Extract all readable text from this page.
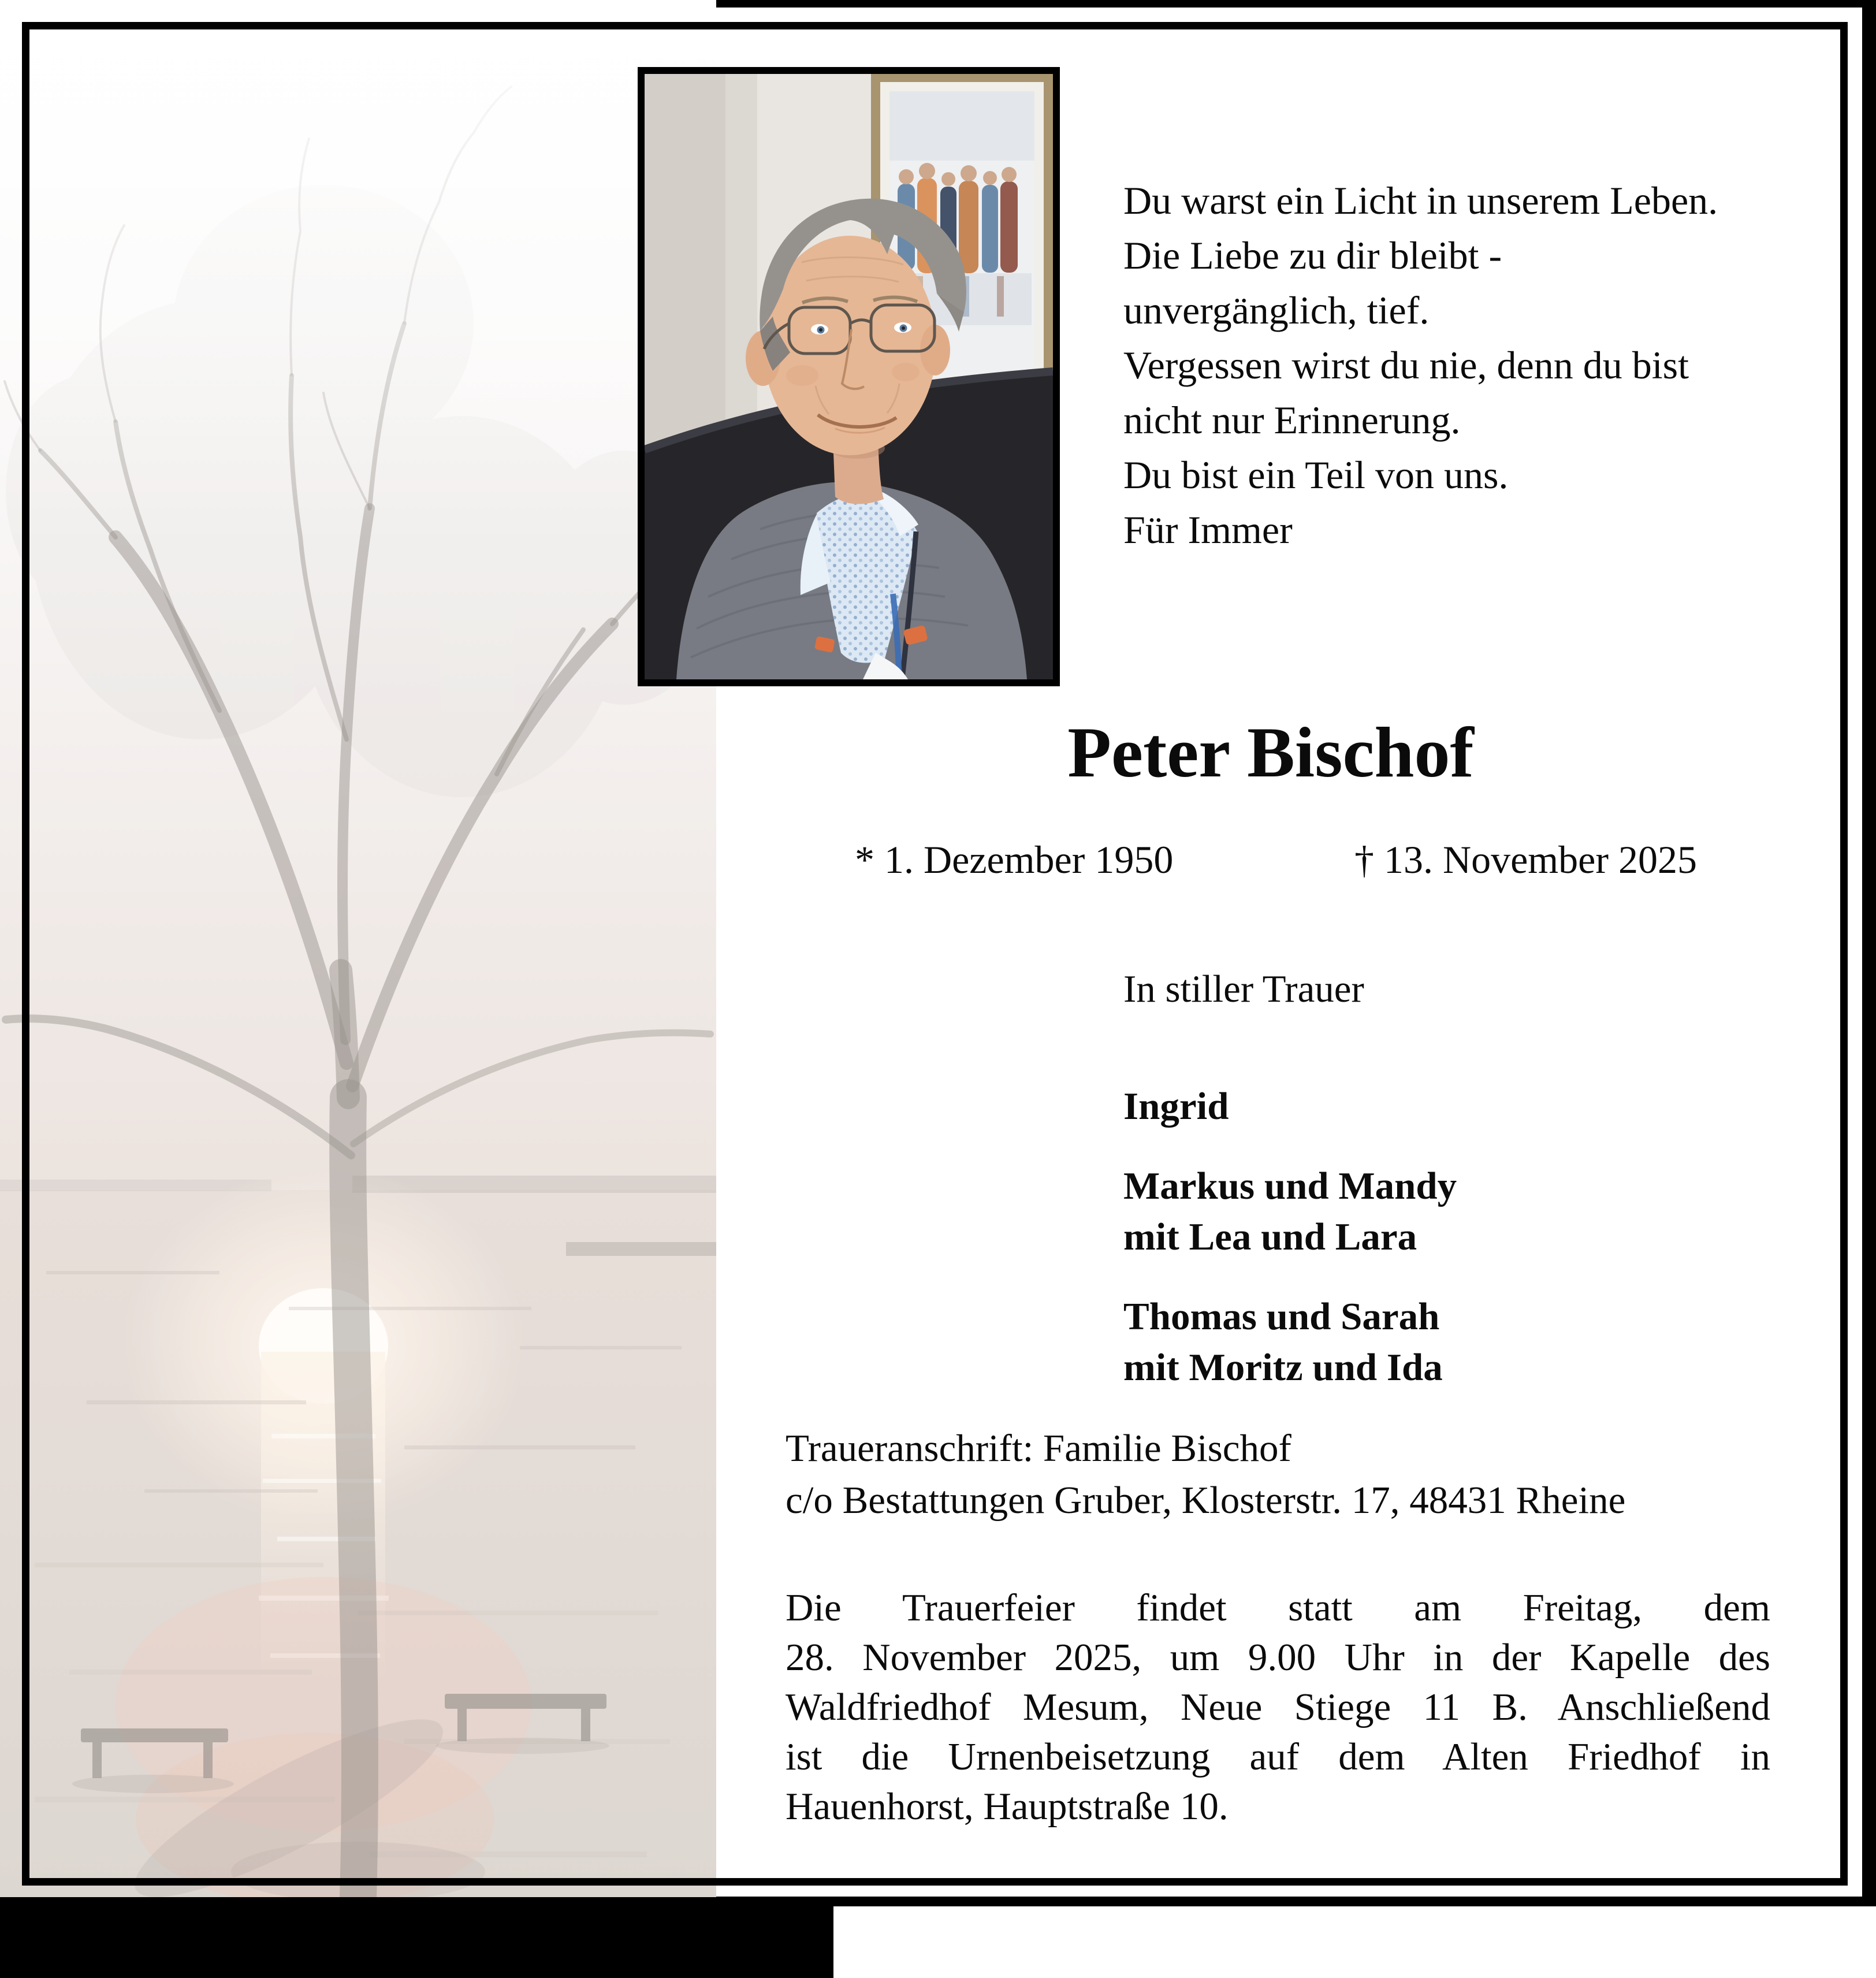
Du warst ein Licht in unserem Leben.
Die Liebe zu dir bleibt -
unvergänglich, tief.
Vergessen wirst du nie, denn du bist
nicht nur Erinnerung.
Du bist ein Teil von uns.
Für Immer
Peter Bischof
* 1. Dezember 1950	† 13. November 2025
In stiller Trauer
Ingrid
Markus und Mandy
mit Lea und Lara
Thomas und Sarah
mit Moritz und Ida
Traueranschrift: Familie Bischof
c/o Bestattungen Gruber, Klosterstr. 17, 48431 Rheine
Die Trauerfeier findet statt am Freitag, dem
28. November 2025, um 9.00 Uhr in der Kapelle des
Waldfriedhof Mesum, Neue Stiege 11 B. Anschließend
ist die Urnenbeisetzung auf dem Alten Friedhof in
Hauenhorst, Hauptstraße 10.
